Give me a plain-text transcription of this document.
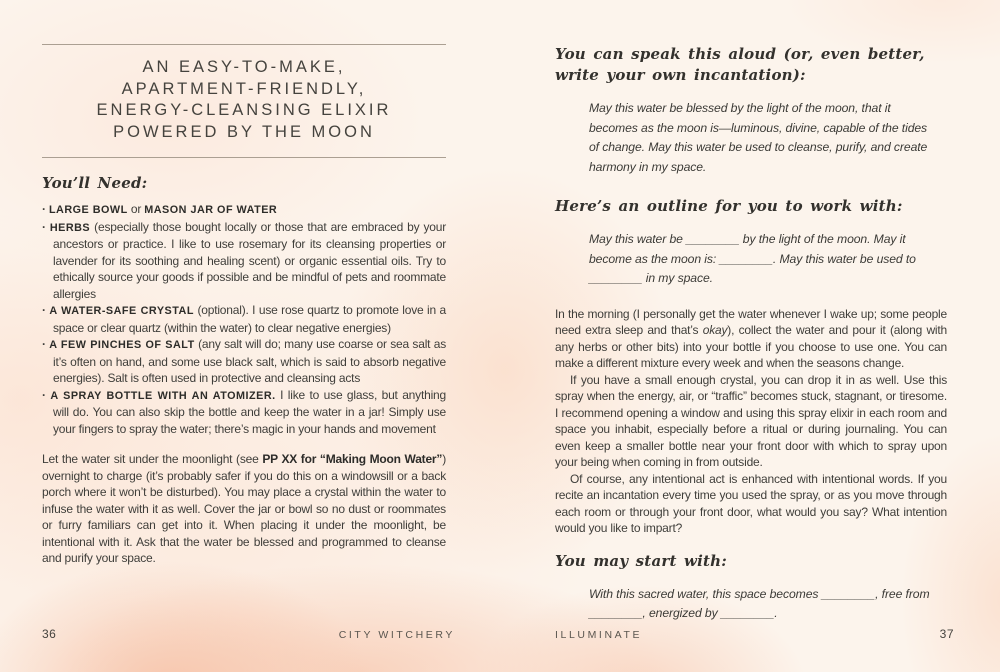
AN EASY-TO-MAKE,
APARTMENT-FRIENDLY,
ENERGY-CLEANSING ELIXIR
POWERED BY THE MOON
You’ll Need:
· LARGE BOWL or MASON JAR OF WATER
· HERBS (especially those bought locally or those that are embraced by your ancestors or practice. I like to use rosemary for its cleansing properties or lavender for its soothing and healing scent) or organic essential oils. Try to ethically source your goods if possible and be mindful of pets and roommate allergies
· A WATER-SAFE CRYSTAL (optional). I use rose quartz to promote love in a space or clear quartz (within the water) to clear negative energies)
· A FEW PINCHES OF SALT (any salt will do; many use coarse or sea salt as it’s often on hand, and some use black salt, which is said to absorb negative energies). Salt is often used in protective and cleansing acts
· A SPRAY BOTTLE WITH AN ATOMIZER. I like to use glass, but anything will do. You can also skip the bottle and keep the water in a jar! Simply use your fingers to spray the water; there’s magic in your hands and movement

Let the water sit under the moonlight (see PP XX for “Making Moon Water”) overnight to charge (it’s probably safer if you do this on a windowsill or a back porch where it won’t be disturbed). You may place a crystal within the water to infuse the water with it as well. Cover the jar or bowl so no dust or roommates or furry familiars can get into it. When placing it under the moonlight, be intentional with it. Ask that the water be blessed and programmed to cleanse and purify your space.

You can speak this aloud (or, even better, write your own incantation):

May this water be blessed by the light of the moon, that it becomes as the moon is—luminous, divine, capable of the tides of change. May this water be used to cleanse, purify, and create harmony in my space.

Here’s an outline for you to work with:

May this water be ________ by the light of the moon. May it become as the moon is: ________. May this water be used to ________ in my space.

In the morning (I personally get the water whenever I wake up; some people need extra sleep and that’s okay), collect the water and pour it (along with any herbs or other bits) into your bottle if you choose to use one. You can make a different mixture every week and when the seasons change.

If you have a small enough crystal, you can drop it in as well. Use this spray when the energy, air, or “traffic” becomes stuck, stagnant, or tiresome. I recommend opening a window and using this spray elixir in each room and space you inhabit, especially before a ritual or during journaling. You can even keep a smaller bottle near your front door with which to spray upon your being when coming in from outside.

Of course, any intentional act is enhanced with intentional words. If you recite an incantation every time you used the spray, or as you move through each room or through your front door, what would you say? What intention would you like to impart?

You may start with:

With this sacred water, this space becomes ________, free from ________, energized by ________.

36	CITY WITCHERY	ILLUMINATE	37
